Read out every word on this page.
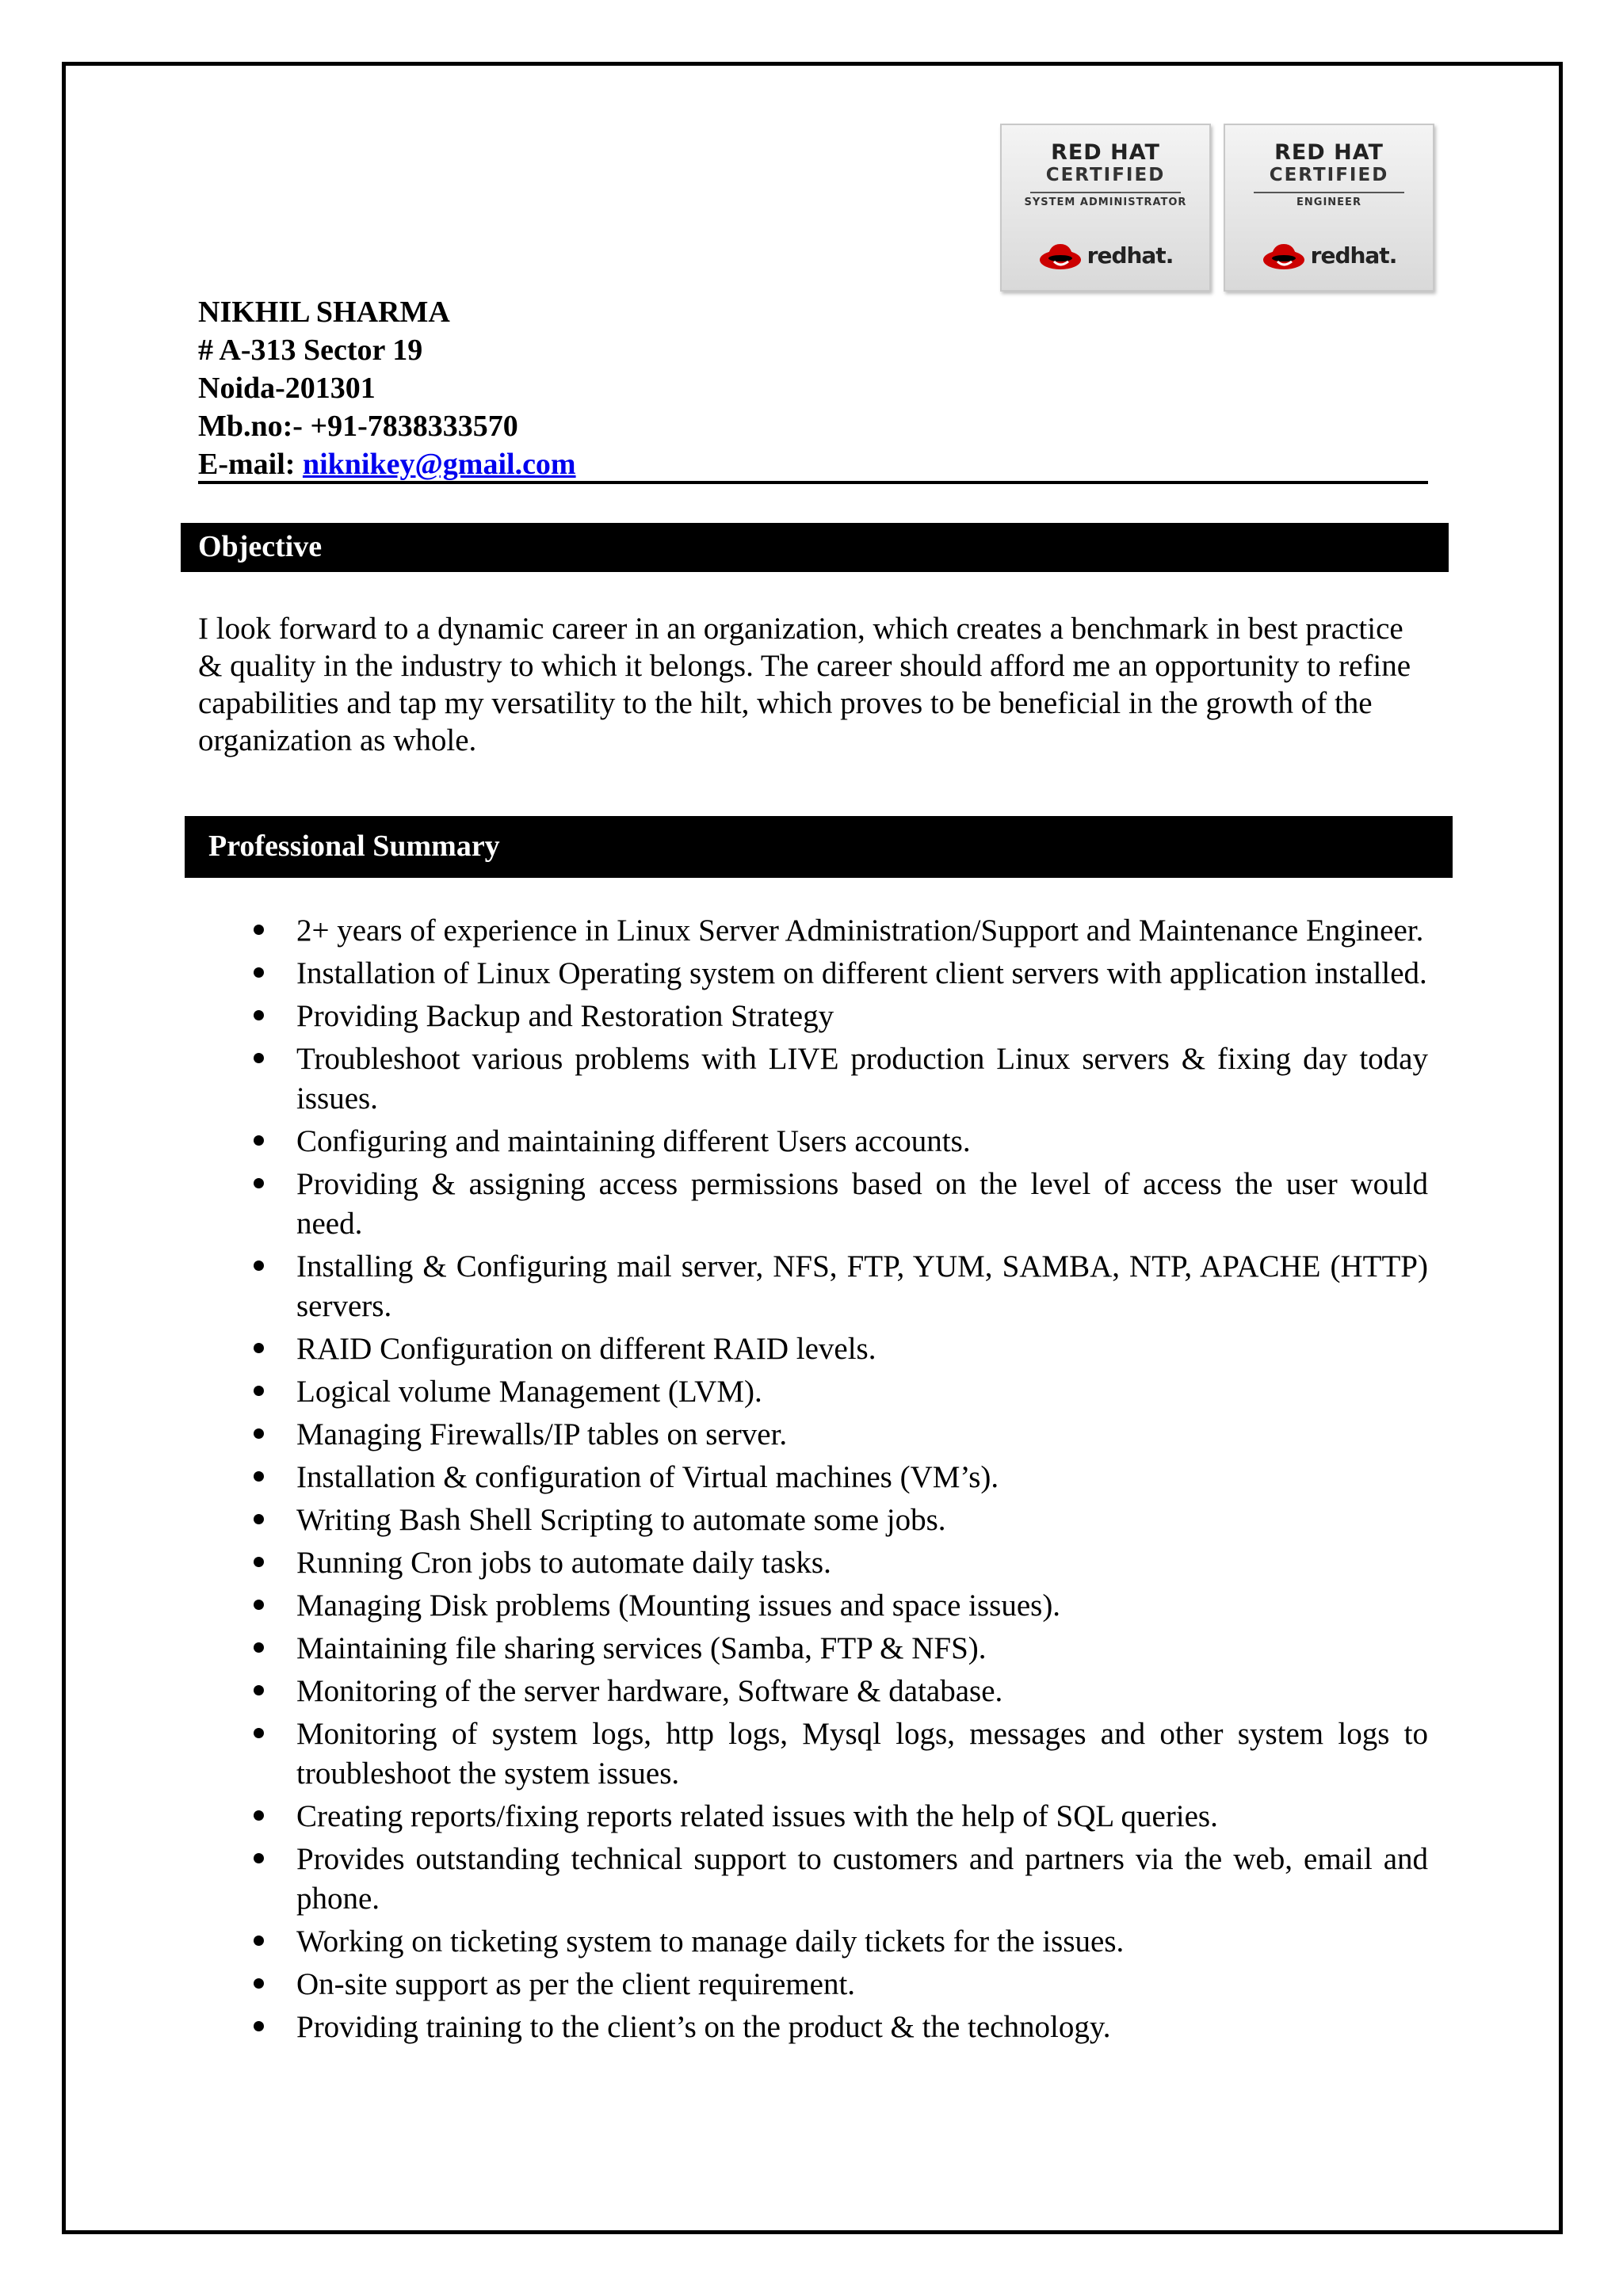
RED HAT
CERTIFIED
SYSTEM ADMINISTRATOR
redhat.
RED HAT
CERTIFIED
ENGINEER
redhat.
NIKHIL SHARMA
# A-313 Sector 19
Noida-201301
Mb.no:- +91-7838333570
E-mail: niknikey@gmail.com
Objective
I look forward to a dynamic career in an organization, which creates a benchmark in best practice & quality in the industry to which it belongs. The career should afford me an opportunity to refine capabilities and tap my versatility to the hilt, which proves to be beneficial in the growth of the organization as whole.
Professional Summary
2+ years of experience in Linux Server Administration/Support and Maintenance Engineer.
Installation of Linux Operating system on different client servers with application installed.
Providing Backup and Restoration Strategy
Troubleshoot various problems with LIVE production Linux servers & fixing day today issues.
Configuring and maintaining different Users accounts.
Providing & assigning access permissions based on the level of access the user would need.
Installing & Configuring mail server, NFS, FTP, YUM, SAMBA, NTP, APACHE (HTTP) servers.
RAID Configuration on different RAID levels.
Logical volume Management (LVM).
Managing Firewalls/IP tables on server.
Installation & configuration of Virtual machines (VM’s).
Writing Bash Shell Scripting to automate some jobs.
Running Cron jobs to automate daily tasks.
Managing Disk problems (Mounting issues and space issues).
Maintaining file sharing services (Samba, FTP & NFS).
Monitoring of the server hardware, Software & database.
Monitoring of system logs, http logs, Mysql logs, messages and other system logs to troubleshoot the system issues.
Creating reports/fixing reports related issues with the help of SQL queries.
Provides outstanding technical support to customers and partners via the web, email and phone.
Working on ticketing system to manage daily tickets for the issues.
On-site support as per the client requirement.
Providing training to the client’s on the product & the technology.
